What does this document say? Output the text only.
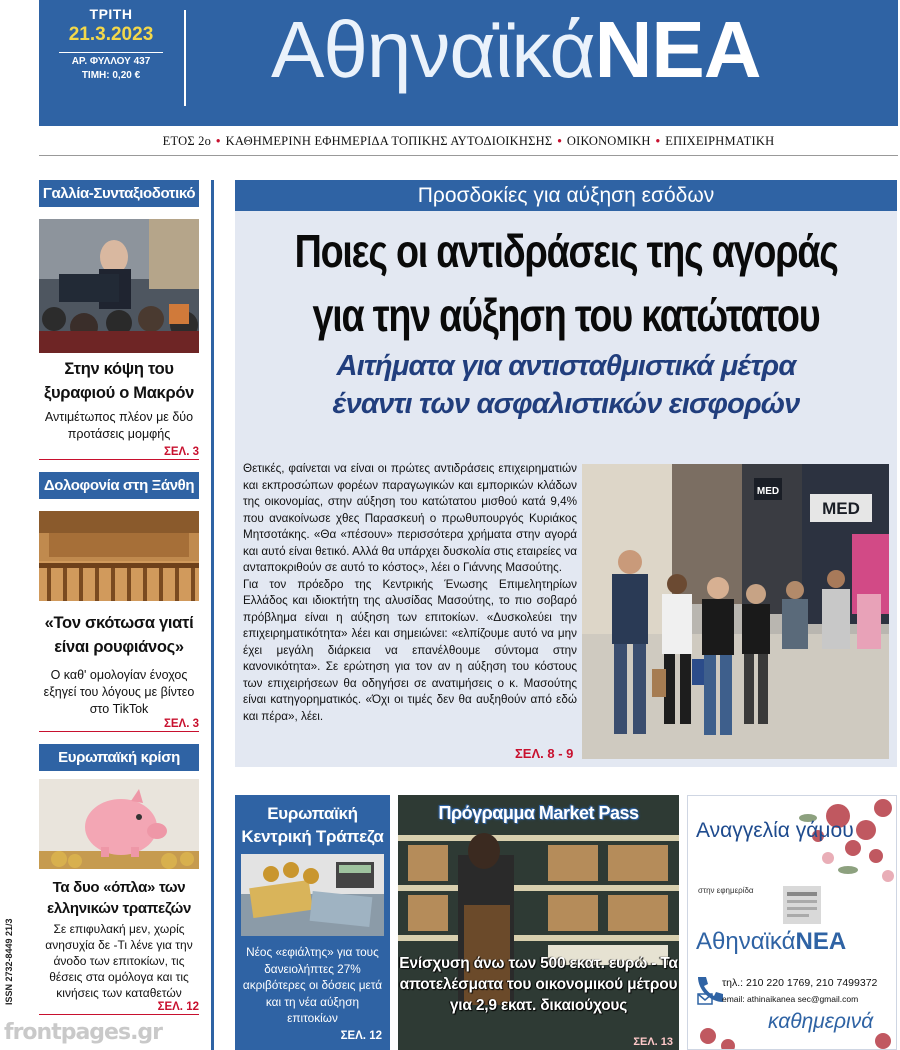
ΤΡΙΤΗ
21.3.2023
ΑΡ. ΦΥΛΛΟΥ 437
ΤΙΜΗ: 0,20 €	ΑθηναϊκάΝΕΑ
ΕΤΟΣ 2ο • ΚΑΘΗΜΕΡΙΝΗ ΕΦΗΜΕΡΙΔΑ ΤΟΠΙΚΗΣ ΑΥΤΟΔΙΟΙΚΗΣΗΣ • ΟΙΚΟΝΟΜΙΚΗ • ΕΠΙΧΕΙΡΗΜΑΤΙΚΗ
Γαλλία-Συνταξιοδοτικό
Στην κόψη του ξυραφιού ο Μακρόν
Αντιμέτωπος πλέον με δύο προτάσεις μομφής
ΣΕΛ. 3
Δολοφονία στη Ξάνθη
«Τον σκότωσα γιατί είναι ρουφιάνος»
Ο καθ' ομολογίαν ένοχος εξηγεί του λόγους με βίντεο στο TikTok
ΣΕΛ. 3
Ευρωπαϊκή κρίση
Τα δυο «όπλα» των ελληνικών τραπεζών
Σε επιφυλακή μεν, χωρίς ανησυχία δε -Τι λένε για την άνοδο των επιτοκίων, τις θέσεις στα ομόλογα και τις κινήσεις των καταθετών
ΣΕΛ. 12
ISSN 2732-8449 21/3
frontpages.gr
Προσδοκίες για αύξηση εσόδων
Ποιες οι αντιδράσεις της αγοράς
για την αύξηση του κατώτατου
Αιτήματα για αντισταθμιστικά μέτρα
έναντι των ασφαλιστικών εισφορών

Θετικές, φαίνεται να είναι οι πρώτες αντιδράσεις επιχειρηματιών και εκπροσώπων φορέων παραγωγικών και εμπορικών κλάδων της οικονομίας, στην αύξηση του κατώτατου μισθού κατά 9,4% που ανακοίνωσε χθες Παρασκευή ο πρωθυπουργός Κυριάκος Μητσοτάκης. «Θα «πέσουν» περισσότερα χρήματα στην αγορά και αυτό είναι θετικό. Αλλά θα υπάρχει δυσκολία στις εταιρείες να ανταποκριθούν σε αυτό το κόστος», λέει ο Γιάννης Μασούτης.

Για τον πρόεδρο της Κεντρικής Ένωσης Επιμελητηρίων Ελλάδος και ιδιοκτήτη της αλυσίδας Μασούτης, το πιο σοβαρό πρόβλημα είναι η αύξηση των επιτοκίων. «Δυσκολεύει την επιχειρηματικότητα» λέει και σημειώνει: «ελπίζουμε αυτό να μην έχει μεγάλη διάρκεια να επανέλθουμε σύντομα στην κανονικότητα». Σε ερώτηση για τον αν η αύξηση του κόστους των επιχειρήσεων θα οδηγήσει σε ανατιμήσεις ο κ. Μασούτης είναι κατηγορηματικός. «Όχι οι τιμές δεν θα αυξηθούν από εδώ και πέρα», λέει.

ΣΕΛ. 8 - 9
MED
MED
Ευρωπαϊκή Κεντρική Τράπεζα
Νέος «εφιάλτης» για τους δανειολήπτες 27% ακριβότερες οι δόσεις μετά και τη νέα αύξηση επιτοκίων
ΣΕΛ. 12
Πρόγραμμα Market Pass
Ενίσχυση άνω των 500 εκατ. ευρώ - Τα αποτελέσματα του οικονομικού μέτρου για 2,9 εκατ. δικαιούχους
ΣΕΛ. 13
Αναγγελία γάμου
στην εφημερίδα
ΑθηναϊκάΝΕΑ
τηλ.: 210 220 1769, 210 7499372
email: athinaikanea sec@gmail.com
καθημερινά
